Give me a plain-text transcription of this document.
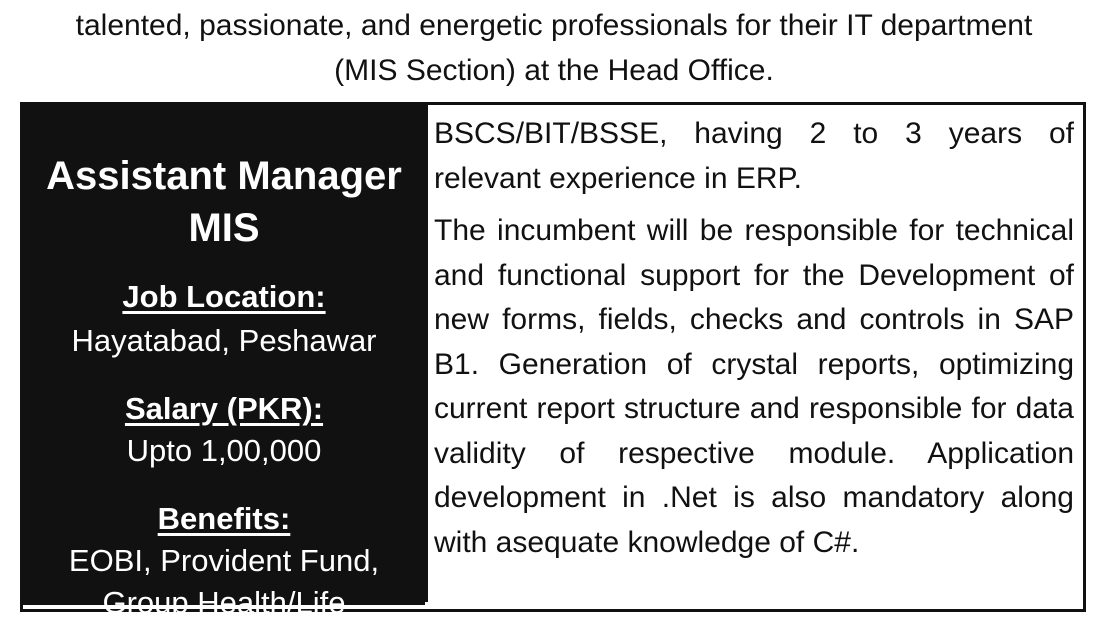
talented, passionate, and energetic professionals for their IT department
(MIS Section) at the Head Office.
Assistant Manager
MIS
Job Location:
Hayatabad, Peshawar
Salary (PKR):
Upto 1,00,000
Benefits:
EOBI, Provident Fund,
Group Health/Life

BSCS/BIT/BSSE, having 2 to 3 years of relevant experience in ERP.

The incumbent will be responsible for technical and functional support for the Development of new forms, fields, checks and controls in SAP B1. Generation of crystal reports, optimizing current report structure and responsible for data validity of respective module. Application development in .Net is also mandatory along with asequate knowledge of C#.
